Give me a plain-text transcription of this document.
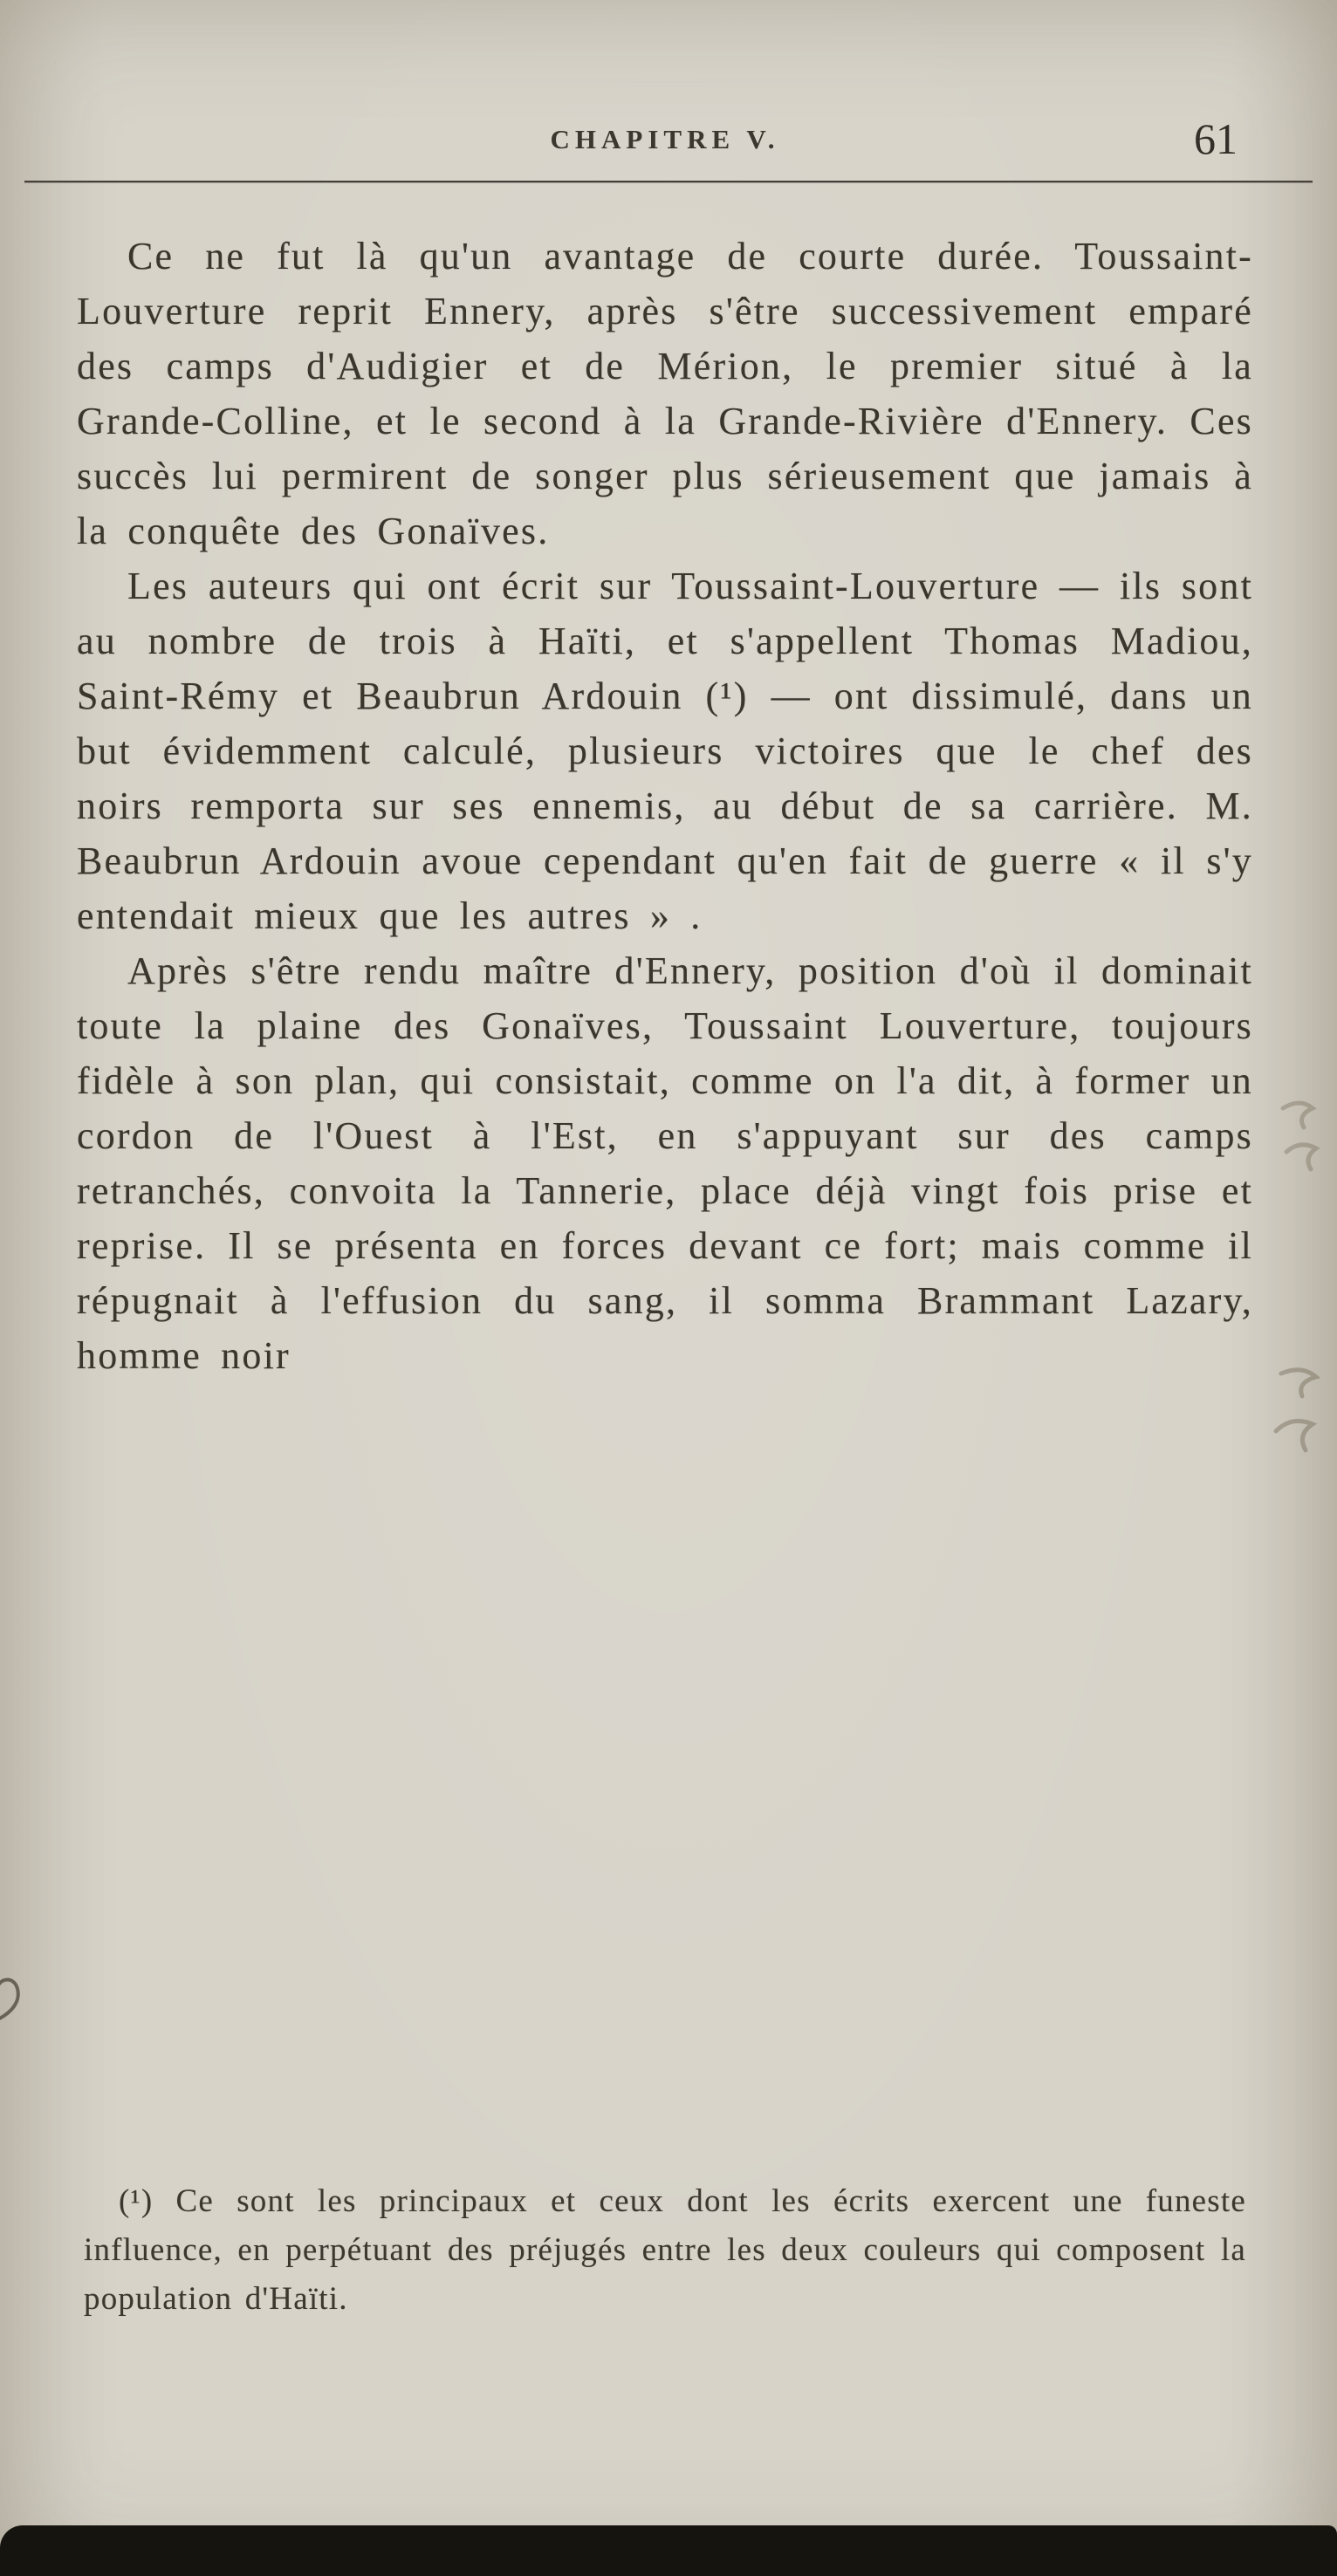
CHAPITRE V.	61

Ce ne fut là qu'un avantage de courte durée. Toussaint-Louverture reprit Ennery, après s'être successivement emparé des camps d'Audigier et de Mérion, le premier situé à la Grande-Colline, et le second à la Grande-Rivière d'Ennery. Ces succès lui permirent de songer plus sérieusement que jamais à la conquête des Gonaïves.

Les auteurs qui ont écrit sur Toussaint-Louverture — ils sont au nombre de trois à Haïti, et s'appellent Thomas Madiou, Saint-Rémy et Beaubrun Ardouin (¹) — ont dissimulé, dans un but évidemment calculé, plusieurs victoires que le chef des noirs remporta sur ses ennemis, au début de sa carrière. M. Beaubrun Ardouin avoue cependant qu'en fait de guerre « il s'y entendait mieux que les autres » .

Après s'être rendu maître d'Ennery, position d'où il dominait toute la plaine des Gonaïves, Toussaint Louverture, toujours fidèle à son plan, qui consistait, comme on l'a dit, à former un cordon de l'Ouest à l'Est, en s'appuyant sur des camps retranchés, convoita la Tannerie, place déjà vingt fois prise et reprise. Il se présenta en forces devant ce fort; mais comme il répugnait à l'effusion du sang, il somma Brammant Lazary, homme noir

(¹) Ce sont les principaux et ceux dont les écrits exercent une funeste influence, en perpétuant des préjugés entre les deux couleurs qui composent la population d'Haïti.
